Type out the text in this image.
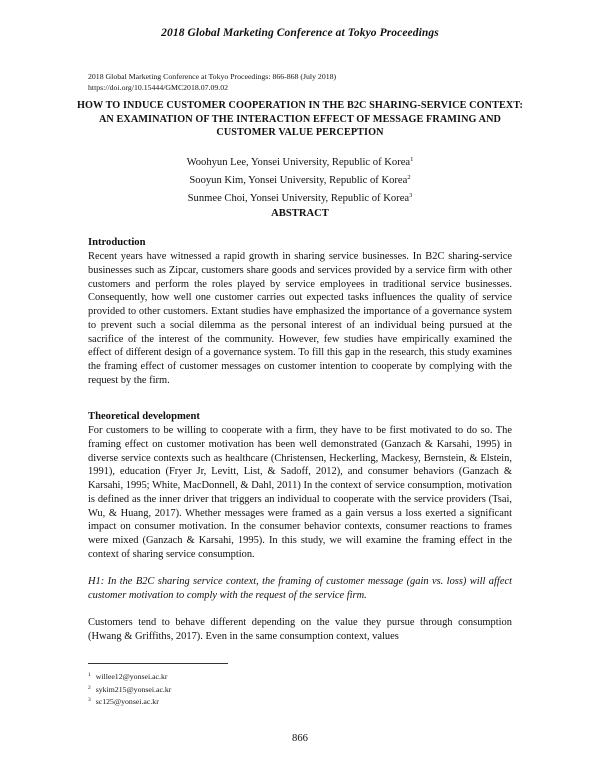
2018 Global Marketing Conference at Tokyo Proceedings
2018 Global Marketing Conference at Tokyo Proceedings: 866-868 (July 2018)
https://doi.org/10.15444/GMC2018.07.09.02
HOW TO INDUCE CUSTOMER COOPERATION IN THE B2C SHARING-SERVICE CONTEXT: AN EXAMINATION OF THE INTERACTION EFFECT OF MESSAGE FRAMING AND CUSTOMER VALUE PERCEPTION
Woohyun Lee, Yonsei University, Republic of Korea$^1$
Sooyun Kim, Yonsei University, Republic of Korea$^2$
Sunmee Choi, Yonsei University, Republic of Korea$^3$
ABSTRACT
Introduction

Recent years have witnessed a rapid growth in sharing service businesses. In B2C sharing-service businesses such as Zipcar, customers share goods and services provided by a service firm with other customers and perform the roles played by service employees in traditional service businesses. Consequently, how well one customer carries out expected tasks influences the quality of service provided to other customers. Extant studies have emphasized the importance of a governance system to prevent such a social dilemma as the personal interest of an individual being pursued at the sacrifice of the interest of the community. However, few studies have empirically examined the effect of different design of a governance system. To fill this gap in the research, this study examines the framing effect of customer messages on customer intention to cooperate by complying with the request by the firm.

Theoretical development

For customers to be willing to cooperate with a firm, they have to be first motivated to do so. The framing effect on customer motivation has been well demonstrated (Ganzach & Karsahi, 1995) in diverse service contexts such as healthcare (Christensen, Heckerling, Mackesy, Bernstein, & Elstein, 1991), education (Fryer Jr, Levitt, List, & Sadoff, 2012), and consumer behaviors (Ganzach & Karsahi, 1995; White, MacDonnell, & Dahl, 2011) In the context of service consumption, motivation is defined as the inner driver that triggers an individual to cooperate with the service providers (Tsai, Wu, & Huang, 2017). Whether messages were framed as a gain versus a loss exerted a significant impact on consumer motivation. In the consumer behavior contexts, consumer reactions to frames were mixed (Ganzach & Karsahi, 1995). In this study, we will examine the framing effect in the context of sharing service consumption.

H1: In the B2C sharing service context, the framing of customer message (gain vs. loss) will affect customer motivation to comply with the request of the service firm.

Customers tend to behave different depending on the value they pursue through consumption (Hwang & Griffiths, 2017). Even in the same consumption context, values

$^1$ willee12@yonsei.ac.kr
$^2$ sykim215@yonsei.ac.kr
$^3$ sc125@yonsei.ac.kr
866
